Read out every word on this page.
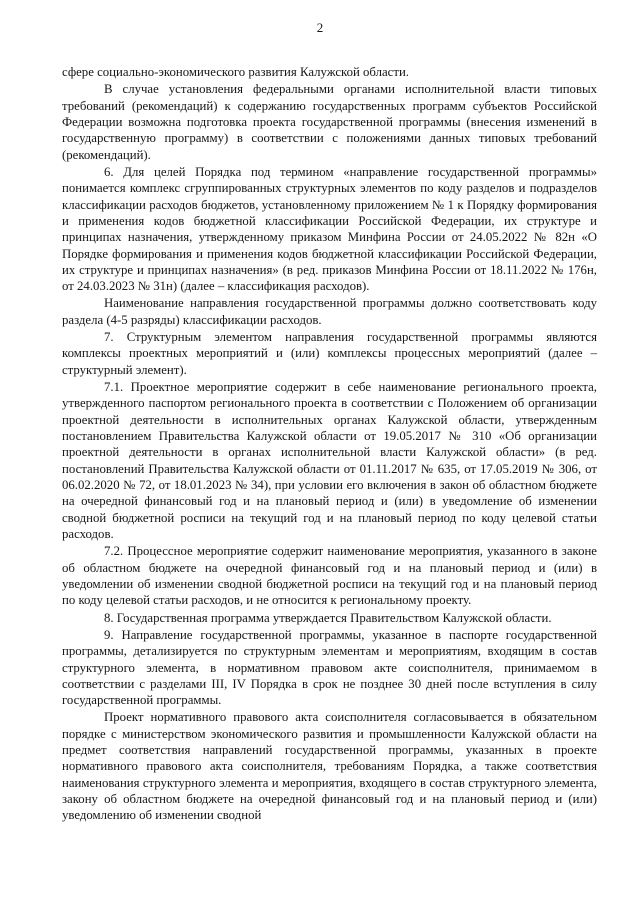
2

сфере социально-экономического развития Калужской области.

В случае установления федеральными органами исполнительной власти типовых требований (рекомендаций) к содержанию государственных программ субъектов Российской Федерации возможна подготовка проекта государственной программы (внесения изменений в государственную программу) в соответствии с положениями данных типовых требований (рекомендаций).

6. Для целей Порядка под термином «направление государственной программы» понимается комплекс сгруппированных структурных элементов по коду разделов и подразделов классификации расходов бюджетов, установленному приложением № 1 к Порядку формирования и применения кодов бюджетной классификации Российской Федерации, их структуре и принципах назначения, утвержденному приказом Минфина России от 24.05.2022 № 82н «О Порядке формирования и применения кодов бюджетной классификации Российской Федерации, их структуре и принципах назначения» (в ред. приказов Минфина России от 18.11.2022 № 176н, от 24.03.2023 № 31н) (далее – классификация расходов).

Наименование направления государственной программы должно соответствовать коду раздела (4-5 разряды) классификации расходов.

7. Структурным элементом направления государственной программы являются комплексы проектных мероприятий и (или) комплексы процессных мероприятий (далее – структурный элемент).

7.1. Проектное мероприятие содержит в себе наименование регионального проекта, утвержденного паспортом регионального проекта в соответствии с Положением об организации проектной деятельности в исполнительных органах Калужской области, утвержденным постановлением Правительства Калужской области от 19.05.2017 № 310 «Об организации проектной деятельности в органах исполнительной власти Калужской области» (в ред. постановлений Правительства Калужской области от 01.11.2017 № 635, от 17.05.2019 № 306, от 06.02.2020 № 72, от 18.01.2023 № 34), при условии его включения в закон об областном бюджете на очередной финансовый год и на плановый период и (или) в уведомление об изменении сводной бюджетной росписи на текущий год и на плановый период по коду целевой статьи расходов.

7.2. Процессное мероприятие содержит наименование мероприятия, указанного в законе об областном бюджете на очередной финансовый год и на плановый период и (или) в уведомлении об изменении сводной бюджетной росписи на текущий год и на плановый период по коду целевой статьи расходов, и не относится к региональному проекту.

8. Государственная программа утверждается Правительством Калужской области.

9. Направление государственной программы, указанное в паспорте государственной программы, детализируется по структурным элементам и мероприятиям, входящим в состав структурного элемента, в нормативном правовом акте соисполнителя, принимаемом в соответствии с разделами III, IV Порядка в срок не позднее 30 дней после вступления в силу государственной программы.

Проект нормативного правового акта соисполнителя согласовывается в обязательном порядке с министерством экономического развития и промышленности Калужской области на предмет соответствия направлений государственной программы, указанных в проекте нормативного правового акта соисполнителя, требованиям Порядка, а также соответствия наименования структурного элемента и мероприятия, входящего в состав структурного элемента, закону об областном бюджете на очередной финансовый год и на плановый период и (или) уведомлению об изменении сводной
